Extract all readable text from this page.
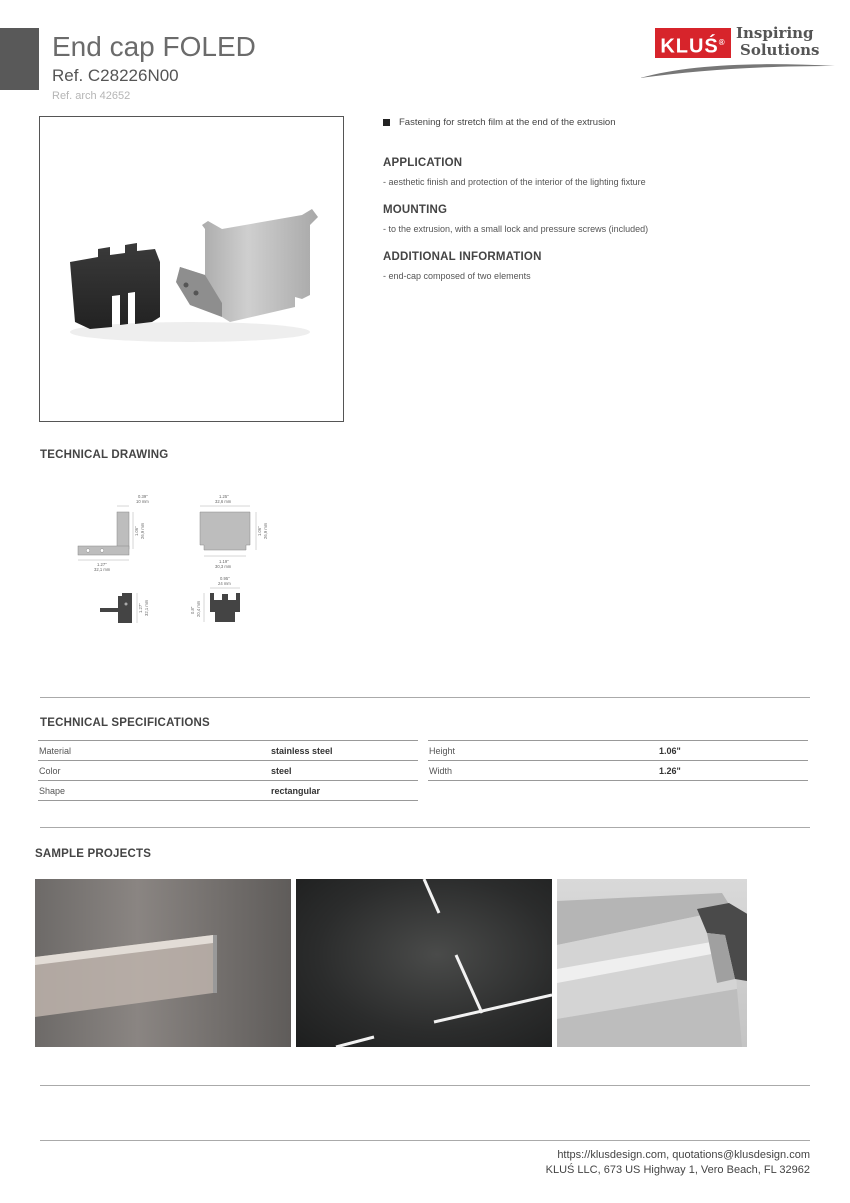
End cap FOLED
Ref. C28226N00
Ref. arch 42652
KLUŚ®
Inspiring
Solutions
Fastening for stretch film at the end of the extrusion
APPLICATION
- aesthetic finish and protection of the interior of the lighting fixture
MOUNTING
- to the extrusion, with a small lock and pressure screws (included)
ADDITIONAL INFORMATION
- end-cap composed of two elements
TECHNICAL DRAWING
0.39"
10 mm
1.27"
32,1 mm
1.06" 26,9 mm
1.25"
32,6 mm
1.19"
30,3 mm
1.06" 26,9 mm
1.27" 32,1 mm
0.95"
24 mm
0.8" 20,4 mm
TECHNICAL SPECIFICATIONS
Material	stainless steel
Color	steel
Shape	rectangular
Height	1.06"
Width	1.26"
SAMPLE PROJECTS
https://klusdesign.com, quotations@klusdesign.com
KLUŚ LLC, 673 US Highway 1, Vero Beach, FL 32962
